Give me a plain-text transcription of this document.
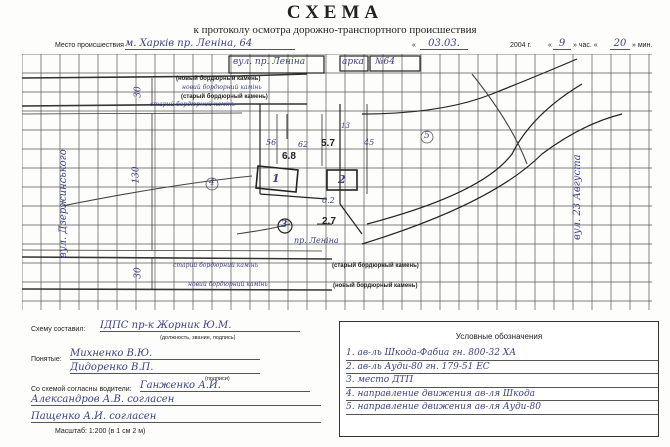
СХЕМА
к протоколу осмотра дорожно-транспортного происшествия
Место происшествия м. Харків пр. Леніна, 64	«	03.03.	2004 г. « 9	» час. «	20 » мин.
вул. пр. Леніна	арка №64
(новый бордюрный камень)
новий бордюрний камінь
(старый бордюрный камень)
старий бордюрний камінь
старий бордюрний камінь	(старый бордюрный камень)
новий бордюрний камінь	(новый бордюрный камень)
вул. Дзержинського	вул. 23 Августа
пр. Леніна
30
130
30
56	62
13
45
6.8
5.7
0.2
2.7
1	2
3
4
5
Схему составил: ІДПС пр-к Жорник Ю.М.
(должность, звание, подпись)
Понятые:
Михненко В.Ю.
Дидоренко В.П.
(подписи)
Со схемой согласны водители: Ганженко А.И.
Александров А.В. согласен
Пащенко А.И. согласен
Масштаб: 1:200 (в 1 см 2 м)
Условные обозначения
1. ав-ль Шкода-Фабиа гн. 800-32 ХА
2. ав-ль Ауди-80 гн. 179-51 ЕС
3. место ДТП
4. направление движения ав-ля Шкода
5. направление движения ав-ля Ауди-80
